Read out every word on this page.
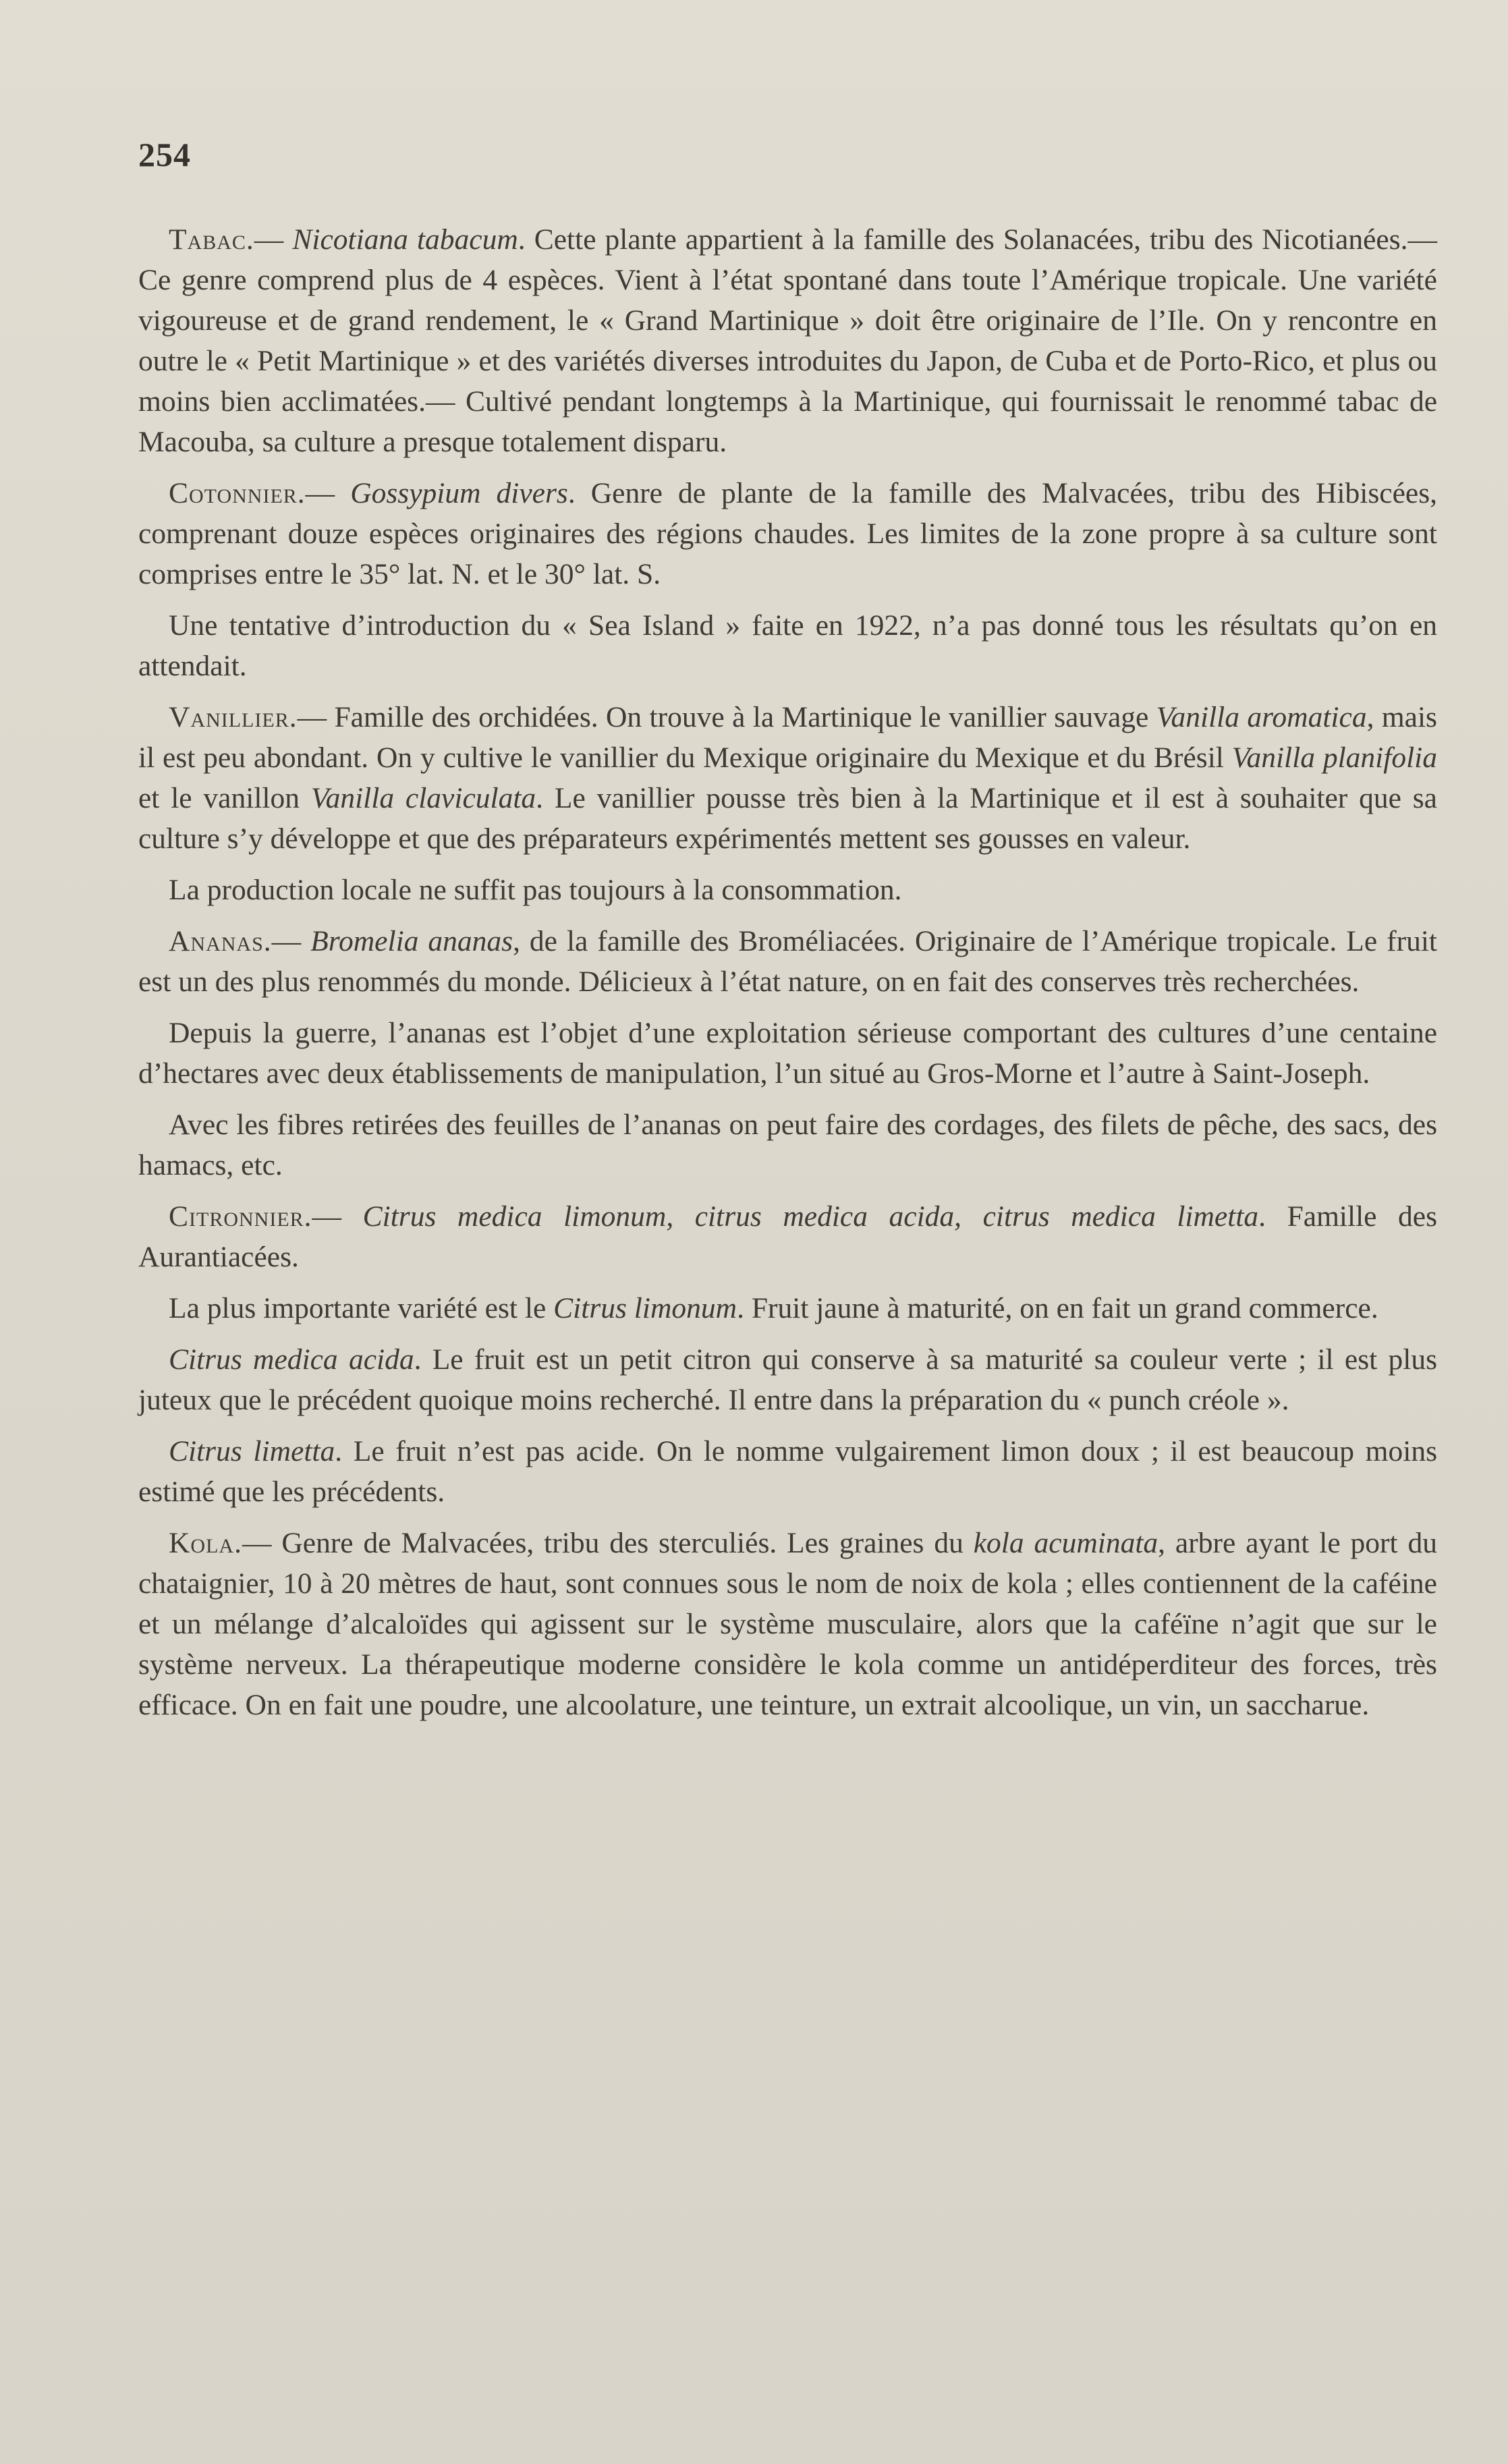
254

Tabac.— Nicotiana tabacum. Cette plante appartient à la famille des Solanacées, tribu des Nicotianées.— Ce genre comprend plus de 4 espèces. Vient à l’état spontané dans toute l’Amérique tropicale. Une variété vigoureuse et de grand rendement, le « Grand Martinique » doit être originaire de l’Ile. On y rencontre en outre le « Petit Martinique » et des variétés diverses introduites du Japon, de Cuba et de Porto-Rico, et plus ou moins bien acclimatées.— Cultivé pendant longtemps à la Martinique, qui fournissait le renommé tabac de Macouba, sa culture a presque totalement disparu.

Cotonnier.— Gossypium divers. Genre de plante de la famille des Malvacées, tribu des Hibiscées, comprenant douze espèces originaires des régions chaudes. Les limites de la zone propre à sa culture sont comprises entre le 35° lat. N. et le 30° lat. S.

Une tentative d’introduction du « Sea Island » faite en 1922, n’a pas donné tous les résultats qu’on en attendait.

Vanillier.— Famille des orchidées. On trouve à la Martinique le vanillier sauvage Vanilla aromatica, mais il est peu abondant. On y cultive le vanillier du Mexique originaire du Mexique et du Brésil Vanilla planifolia et le vanillon Vanilla claviculata. Le vanillier pousse très bien à la Martinique et il est à souhaiter que sa culture s’y développe et que des préparateurs expérimentés mettent ses gousses en valeur.

La production locale ne suffit pas toujours à la consommation.

Ananas.— Bromelia ananas, de la famille des Broméliacées. Originaire de l’Amérique tropicale. Le fruit est un des plus renommés du monde. Délicieux à l’état nature, on en fait des conserves très recherchées.

Depuis la guerre, l’ananas est l’objet d’une exploitation sérieuse comportant des cultures d’une centaine d’hectares avec deux établissements de manipulation, l’un situé au Gros-Morne et l’autre à Saint-Joseph.

Avec les fibres retirées des feuilles de l’ananas on peut faire des cordages, des filets de pêche, des sacs, des hamacs, etc.

Citronnier.— Citrus medica limonum, citrus medica acida, citrus medica limetta. Famille des Aurantiacées.

La plus importante variété est le Citrus limonum. Fruit jaune à maturité, on en fait un grand commerce.

Citrus medica acida. Le fruit est un petit citron qui conserve à sa maturité sa couleur verte ; il est plus juteux que le précédent quoique moins recherché. Il entre dans la préparation du « punch créole ».

Citrus limetta. Le fruit n’est pas acide. On le nomme vulgairement limon doux ; il est beaucoup moins estimé que les précédents.

Kola.— Genre de Malvacées, tribu des sterculiés. Les graines du kola acuminata, arbre ayant le port du chataignier, 10 à 20 mètres de haut, sont connues sous le nom de noix de kola ; elles contiennent de la caféine et un mélange d’alcaloïdes qui agissent sur le système musculaire, alors que la caféïne n’agit que sur le système nerveux. La thérapeutique moderne considère le kola comme un antidéperditeur des forces, très efficace. On en fait une poudre, une alcoolature, une teinture, un extrait alcoolique, un vin, un saccharue.
